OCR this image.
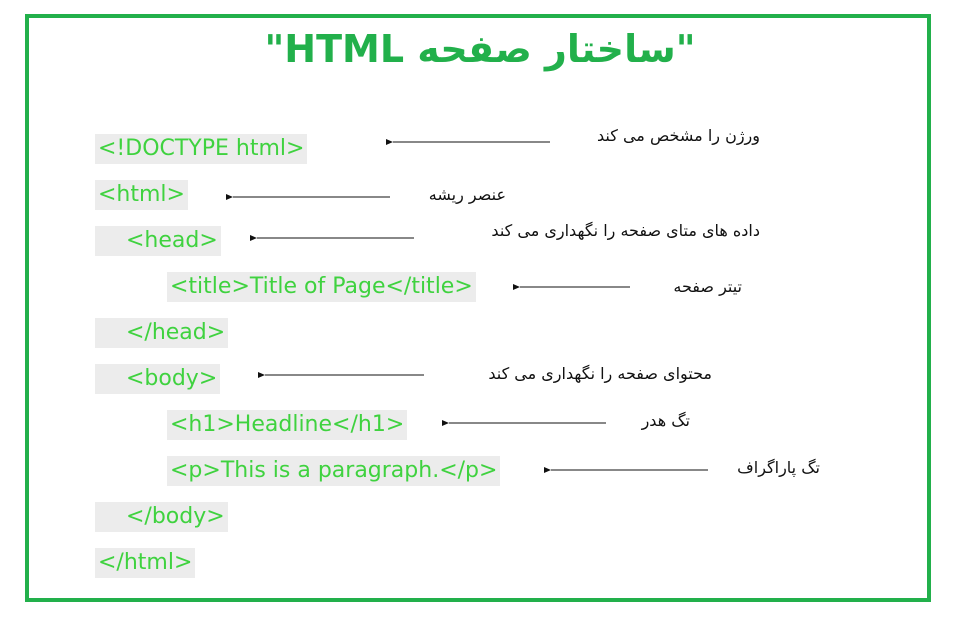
"ساختار صفحه HTML"
<!DOCTYPE html>
<html>
<head>
<title>Title of Page</title>
</head>
<body>
<h1>Headline</h1>
<p>This is a paragraph.</p>
</body>
</html>
ورژن را مشخص می کند
عنصر ریشه
داده های متای صفحه را نگهداری می کند
تیتر صفحه
محتوای صفحه را نگهداری می کند
تگ هدر
تگ پاراگراف
